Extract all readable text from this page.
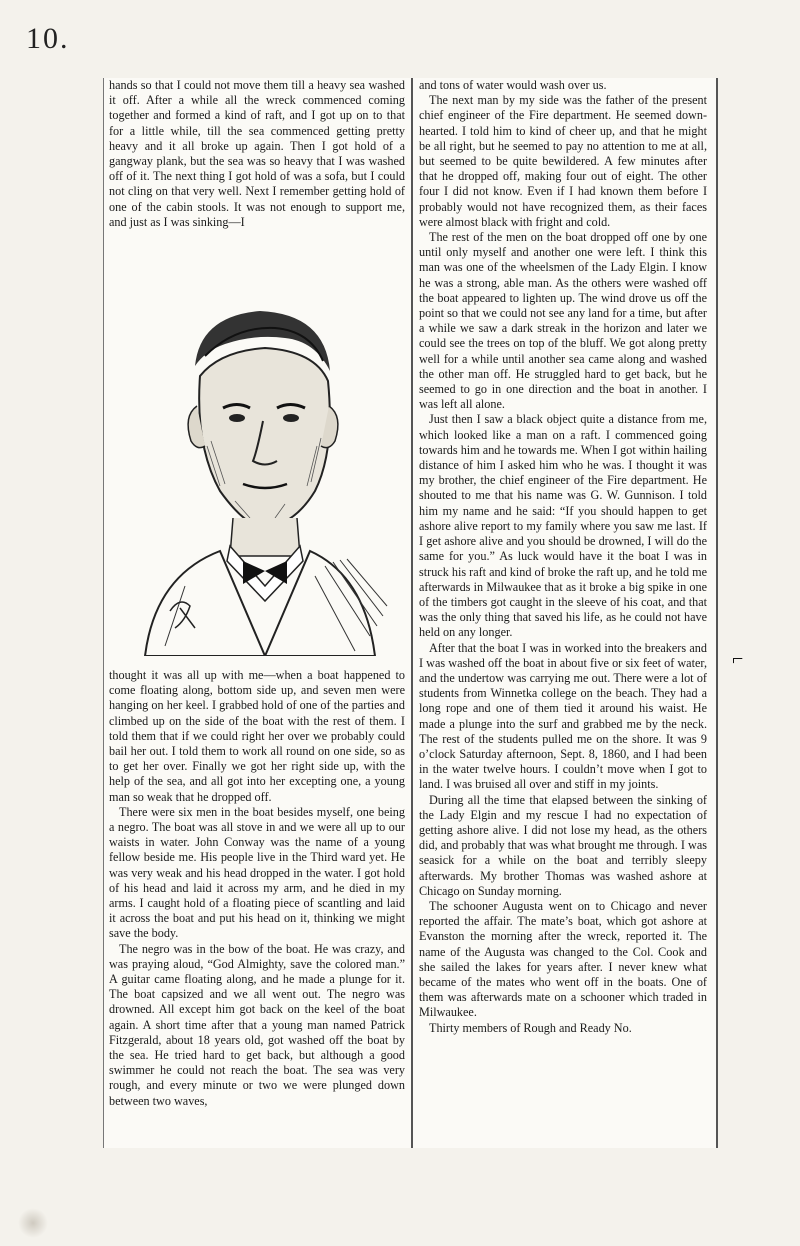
10.

hands so that I could not move them till a heavy sea washed it off. After a while all the wreck commenced coming together and formed a kind of raft, and I got up on to that for a little while, till the sea commenced getting pretty heavy and it all broke up again. Then I got hold of a gangway plank, but the sea was so heavy that I was washed off of it. The next thing I got hold of was a sofa, but I could not cling on that very well. Next I remember getting hold of one of the cabin stools. It was not enough to support me, and just as I was sinking—I

thought it was all up with me—when a boat happened to come floating along, bottom side up, and seven men were hanging on her keel. I grabbed hold of one of the parties and climbed up on the side of the boat with the rest of them. I told them that if we could right her over we probably could bail her out. I told them to work all round on one side, so as to get her over. Finally we got her right side up, with the help of the sea, and all got into her excepting one, a young man so weak that he dropped off.

There were six men in the boat besides myself, one being a negro. The boat was all stove in and we were all up to our waists in water. John Conway was the name of a young fellow beside me. His people live in the Third ward yet. He was very weak and his head dropped in the water. I got hold of his head and laid it across my arm, and he died in my arms. I caught hold of a floating piece of scantling and laid it across the boat and put his head on it, thinking we might save the body.

The negro was in the bow of the boat. He was crazy, and was praying aloud, “God Almighty, save the colored man.” A guitar came floating along, and he made a plunge for it. The boat capsized and we all went out. The negro was drowned. All except him got back on the keel of the boat again. A short time after that a young man named Patrick Fitzgerald, about 18 years old, got washed off the boat by the sea. He tried hard to get back, but although a good swimmer he could not reach the boat. The sea was very rough, and every minute or two we were plunged down between two waves,

and tons of water would wash over us.

The next man by my side was the father of the present chief engineer of the Fire department. He seemed down-hearted. I told him to kind of cheer up, and that he might be all right, but he seemed to pay no attention to me at all, but seemed to be quite bewildered. A few minutes after that he dropped off, making four out of eight. The other four I did not know. Even if I had known them before I probably would not have recognized them, as their faces were almost black with fright and cold.

The rest of the men on the boat dropped off one by one until only myself and another one were left. I think this man was one of the wheelsmen of the Lady Elgin. I know he was a strong, able man. As the others were washed off the boat appeared to lighten up. The wind drove us off the point so that we could not see any land for a time, but after a while we saw a dark streak in the horizon and later we could see the trees on top of the bluff. We got along pretty well for a while until another sea came along and washed the other man off. He struggled hard to get back, but he seemed to go in one direction and the boat in another. I was left all alone.

Just then I saw a black object quite a distance from me, which looked like a man on a raft. I commenced going towards him and he towards me. When I got within hailing distance of him I asked him who he was. I thought it was my brother, the chief engineer of the Fire department. He shouted to me that his name was G. W. Gunnison. I told him my name and he said: “If you should happen to get ashore alive report to my family where you saw me last. If I get ashore alive and you should be drowned, I will do the same for you.” As luck would have it the boat I was in struck his raft and kind of broke the raft up, and he told me afterwards in Milwaukee that as it broke a big spike in one of the timbers got caught in the sleeve of his coat, and that was the only thing that saved his life, as he could not have held on any longer.

After that the boat I was in worked into the breakers and I was washed off the boat in about five or six feet of water, and the undertow was carrying me out. There were a lot of students from Winnetka college on the beach. They had a long rope and one of them tied it around his waist. He made a plunge into the surf and grabbed me by the neck. The rest of the students pulled me on the shore. It was 9 o’clock Saturday afternoon, Sept. 8, 1860, and I had been in the water twelve hours. I couldn’t move when I got to land. I was bruised all over and stiff in my joints.

During all the time that elapsed between the sinking of the Lady Elgin and my rescue I had no expectation of getting ashore alive. I did not lose my head, as the others did, and probably that was what brought me through. I was seasick for a while on the boat and terribly sleepy afterwards. My brother Thomas was washed ashore at Chicago on Sunday morning.

The schooner Augusta went on to Chicago and never reported the affair. The mate’s boat, which got ashore at Evanston the morning after the wreck, reported it. The name of the Augusta was changed to the Col. Cook and she sailed the lakes for years after. I never knew what became of the mates who went off in the boats. One of them was afterwards mate on a schooner which traded in Milwaukee.

Thirty members of Rough and Ready No.

⌐
